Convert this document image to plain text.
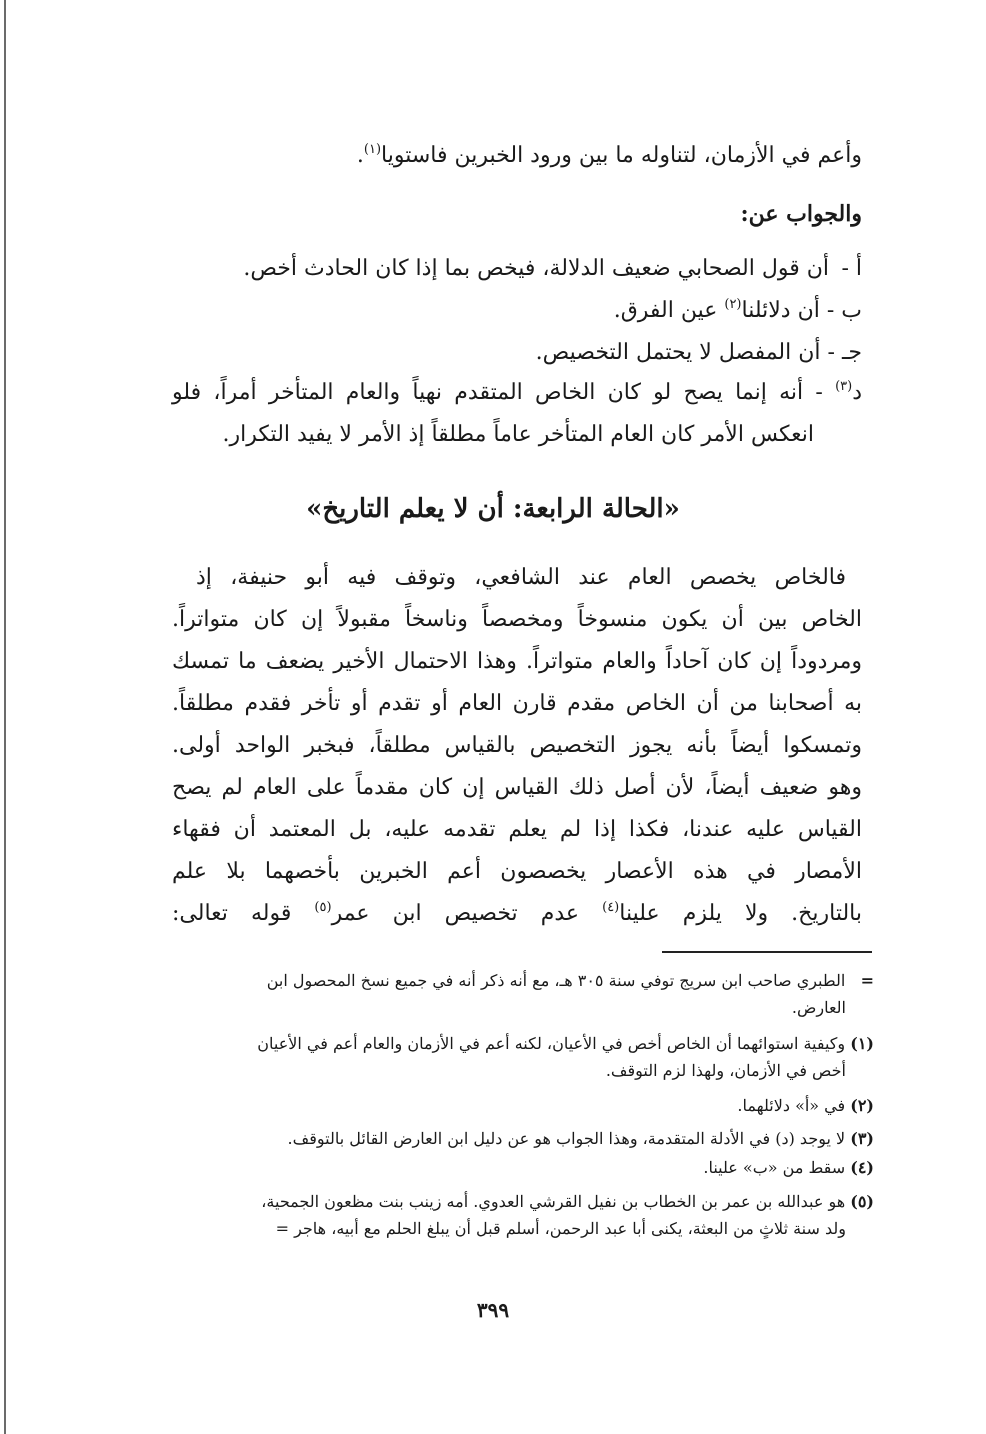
وأعم في الأزمان، لتناوله ما بين ورود الخبرين فاستويا$^{(١)}$.

والجواب عن:

أ - أن قول الصحابي ضعيف الدلالة، فيخص بما إذا كان الحادث أخص.

ب - أن دلائلنا$^{(٢)}$ عين الفرق.

جـ - أن المفصل لا يحتمل التخصيص.

د$^{(٣)}$ - أنه إنما يصح لو كان الخاص المتقدم نهياً والعام المتأخر أمراً، فلو

انعكس الأمر كان العام المتأخر عاماً مطلقاً إذ الأمر لا يفيد التكرار.

«الحالة الرابعة: أن لا يعلم التاريخ»

فالخاص يخصص العام عند الشافعي، وتوقف فيه أبو حنيفة، إذ

الخاص بين أن يكون منسوخاً ومخصصاً وناسخاً مقبولاً إن كان متواتراً.

ومردوداً إن كان آحاداً والعام متواتراً. وهذا الاحتمال الأخير يضعف ما تمسك

به أصحابنا من أن الخاص مقدم قارن العام أو تقدم أو تأخر فقدم مطلقاً.

وتمسكوا أيضاً بأنه يجوز التخصيص بالقياس مطلقاً، فبخبر الواحد أولى.

وهو ضعيف أيضاً، لأن أصل ذلك القياس إن كان مقدماً على العام لم يصح

القياس عليه عندنا، فكذا إذا لم يعلم تقدمه عليه، بل المعتمد أن فقهاء

الأمصار في هذه الأعصار يخصصون أعم الخبرين بأخصهما بلا علم

بالتاريخ. ولا يلزم علينا$^{(٤)}$ عدم تخصيص ابن عمر$^{(٥)}$ قوله تعالى:

=   الطبري صاحب ابن سريج توفي سنة ٣٠٥ هـ، مع أنه ذكر أنه في جميع نسخ المحصول ابن

العارض.

(١) وكيفية استوائهما أن الخاص أخص في الأعيان، لكنه أعم في الأزمان والعام أعم في الأعيان

أخص في الأزمان، ولهذا لزم التوقف.

(٢) في «أ» دلائلهما.

(٣) لا يوجد (د) في الأدلة المتقدمة، وهذا الجواب هو عن دليل ابن العارض القائل بالتوقف.

(٤) سقط من «ب» علينا.

(٥) هو عبدالله بن عمر بن الخطاب بن نفيل القرشي العدوي. أمه زينب بنت مظعون الجمحية،

ولد سنة ثلاثٍ من البعثة، يكنى أبا عبد الرحمن، أسلم قبل أن يبلغ الحلم مع أبيه، هاجر =

٣٩٩
